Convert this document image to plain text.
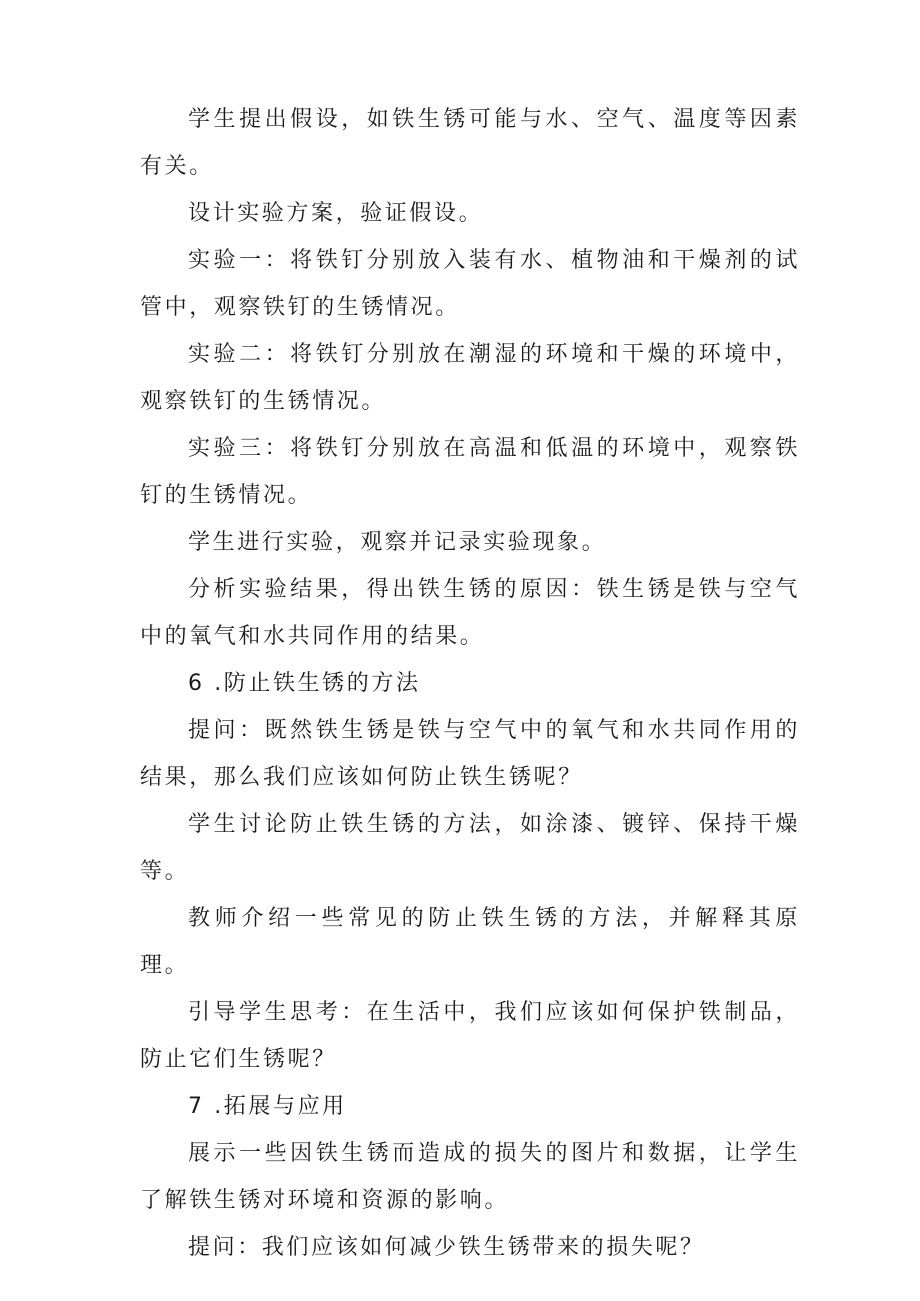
学生提出假设，如铁生锈可能与水、空气、温度等因素有关。

设计实验方案，验证假设。

实验一：将铁钉分别放入装有水、植物油和干燥剂的试管中，观察铁钉的生锈情况。

实验二：将铁钉分别放在潮湿的环境和干燥的环境中，观察铁钉的生锈情况。

实验三：将铁钉分别放在高温和低温的环境中，观察铁钉的生锈情况。

学生进行实验，观察并记录实验现象。

分析实验结果，得出铁生锈的原因：铁生锈是铁与空气中的氧气和水共同作用的结果。

6 .防止铁生锈的方法

提问：既然铁生锈是铁与空气中的氧气和水共同作用的结果，那么我们应该如何防止铁生锈呢？

学生讨论防止铁生锈的方法，如涂漆、镀锌、保持干燥等。

教师介绍一些常见的防止铁生锈的方法，并解释其原理。

引导学生思考：在生活中，我们应该如何保护铁制品，防止它们生锈呢？

7 .拓展与应用

展示一些因铁生锈而造成的损失的图片和数据，让学生了解铁生锈对环境和资源的影响。

提问：我们应该如何减少铁生锈带来的损失呢？
